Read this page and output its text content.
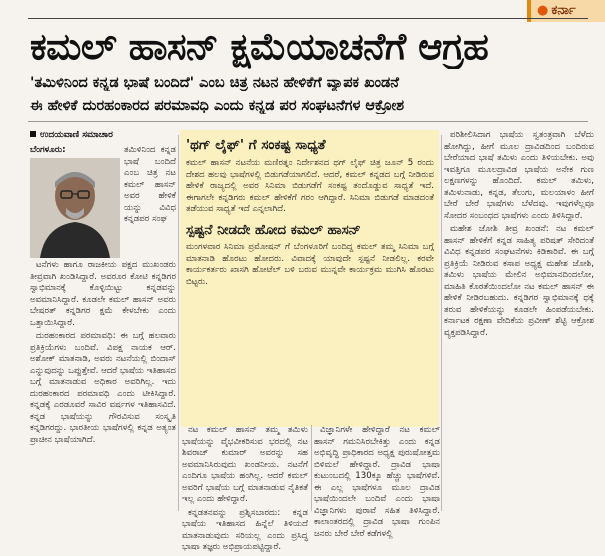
● ಕರ್ನಾ
ಕಮಲ್ ಹಾಸನ್ ಕ್ಷಮೆಯಾಚನೆಗೆ ಆಗ್ರಹ
'ತಮಿಳಿನಿಂದ ಕನ್ನಡ ಭಾಷೆ ಬಂದಿದೆ' ಎಂಬ ಚಿತ್ರ ನಟನ ಹೇಳಿಕೆಗೆ ವ್ಯಾಪಕ ಖಂಡನೆ
ಈ ಹೇಳಿಕೆ ದುರಹಂಕಾರದ ಪರಮಾವಧಿ ಎಂದು ಕನ್ನಡ ಪರ ಸಂಘಟನೆಗಳ ಆಕ್ರೋಶ
ಉದಯವಾಣಿ ಸಮಾಚಾರ
ಬೆಂಗಳೂರು:	ತಮಿಳಿನಿಂದ ಕನ್ನಡ ಭಾಷೆ ಬಂದಿದೆ ಎಂಬ ಚಿತ್ರ ನಟ ಕಮಲ್ ಹಾಸನ್ ಅವರ ಹೇಳಿಕೆ ಯನ್ನು ವಿವಿಧ ಕನ್ನಡಪರ ಸಂಘ

ಟನೆಗಳು ಹಾಗೂ ರಾಜಕೀಯ ಪಕ್ಷದ ಮುಖಂಡರು ತೀವ್ರವಾಗಿ ಖಂಡಿಸಿದ್ದಾರೆ. ಅವರೂರ ಕೋಟಿ ಕನ್ನಡಿಗರ ಸ್ವಾಭಿಮಾನಕ್ಕೆ ಕೊಳ್ಳಿಯಿಟ್ಟು ಕನ್ನಡವನ್ನು ಅವಮಾನಿಸಿದ್ದಾರೆ. ಕೂಡಲೇ ಕಮಲ್ ಹಾಸನ್ ಅವರು ಬೇಷರತ್ ಕನ್ನಡಿಗರ ಕ್ಷಮೆ ಕೇಳಬೇಕು ಎಂದು ಒತ್ತಾಯಿಸಿದ್ದಾರೆ.

ದುರಹಂಕಾರದ ಪರಮಾವಧಿ: ಈ ಬಗ್ಗೆ ಹಲವಾರು ಪ್ರತಿಕ್ರಿಯೆಗಳು ಬಂದಿವೆ. ವಿಪಕ್ಷ ನಾಯಕ ಆರ್. ಅಶೋಕ್ ಮಾತನಾಡಿ, ಅವರು ನಟನೆಯಲ್ಲಿ ಬಿಂದಾಸ್ ಎನ್ನುವುದನ್ನು ಒಪ್ಪುತ್ತೇವೆ. ಆದರೆ ಭಾಷೆಯ ಇತಿಹಾಸದ ಬಗ್ಗೆ ಮಾತನಾಡುವ ಅಧಿಕಾರ ಅವರಿಗಿಲ್ಲ. ಇದು ದುರಹಂಕಾರದ ಪರಮಾವಧಿ ಎಂದು ಟೀಕಿಸಿದ್ದಾರೆ. ಕನ್ನಡಕ್ಕೆ ಎರಡೂವರೆ ಸಾವಿರ ವರ್ಷಗಳ ಇತಿಹಾಸವಿದೆ. ಕನ್ನಡ ಭಾಷೆಯನ್ನು ಗೌರವಿಸುವ ಸಂಸ್ಕೃತಿ ಕನ್ನಡಿಗರದ್ದು. ಭಾರತೀಯ ಭಾಷೆಗಳಲ್ಲಿ ಕನ್ನಡ ಅತ್ಯಂತ ಪ್ರಾಚೀನ ಭಾಷೆಯಾಗಿದೆ.

'ಥಗ್ ಲೈಫ್' ಗೆ ಸಂಕಷ್ಟ ಸಾಧ್ಯತೆ

ಕಮಲ್ ಹಾಸನ್ ನಟನೆಯ ಮಣಿರತ್ನಂ ನಿರ್ದೇಶನದ ಥಗ್ ಲೈಫ್ ಚಿತ್ರ ಜೂನ್ 5 ರಂದು ದೇಶದ ಹಲವು ಭಾಷೆಗಳಲ್ಲಿ ಬಿಡುಗಡೆಯಾಗಲಿದೆ. ಆದರೆ, ಕಮಲ್ ಕನ್ನಡದ ಬಗ್ಗೆ ನೀಡಿರುವ ಹೇಳಿಕೆ ರಾಜ್ಯದಲ್ಲಿ ಅವರ ಸಿನಿಮಾ ಬಿಡುಗಡೆಗೆ ಸಂಕಷ್ಟ ತಂದೊಡ್ಡುವ ಸಾಧ್ಯತೆ ಇದೆ. ಈಗಾಗಲೇ ಕನ್ನಡಿಗರು ಕಮಲ್ ಹೇಳಿಕೆಗೆ ಗರಂ ಆಗಿದ್ದಾರೆ. ಸಿನಿಮಾ ಬಿಡುಗಡೆ ಮಾಡದಂತೆ ತಡೆಯುವ ಸಾಧ್ಯತೆ ಇದೆ ಎನ್ನಲಾಗಿದೆ.

ಸ್ಪಷ್ಟನೆ ನೀಡದೇ ಹೋದ ಕಮಲ್ ಹಾಸನ್

ಮಂಗಳವಾರ ಸಿನಿಮಾ ಪ್ರಮೋಷನ್ ಗೆ ಬೆಂಗಳೂರಿಗೆ ಬಂದಿದ್ದ ಕಮಲ್ ತಮ್ಮ ಸಿನಿಮಾ ಬಗ್ಗೆ ಮಾತನಾಡಿ ಹೊರಟು ಹೋದರು. ವಿವಾದಕ್ಕೆ ಯಾವುದೇ ಸ್ಪಷ್ಟನೆ ನೀಡಲಿಲ್ಲ. ಕರವೇ ಕಾರ್ಯಕರ್ತರು ಖಾಸಗಿ ಹೋಟೆಲ್ ಬಳಿ ಬರುವ ಮುನ್ನವೇ ಕಾರ್ಯಕ್ರಮ ಮುಗಿಸಿ ಹೊರಟು ಬಿಟ್ಟರು.

ನಟ ಕಮಲ್ ಹಾಸನ್ ತಮ್ಮ ತಮಿಳು ಭಾಷೆಯನ್ನು ವೈಭವೀಕರಿಸುವ ಭರದಲ್ಲಿ ನಟ ಶಿವರಾಜ್ ಕುಮಾರ್ ಅವರನ್ನು ಸಹ ಅವಮಾನಿಸಿರುವುದು ಖಂಡನೀಯ. ನಟನೆಗೆ ಎಂದಿಗೂ ಭಾಷೆಯ ಹಂಗಿಲ್ಲ. ಆದರೆ ಕಮಲ್ ಅವರಿಗೆ ಭಾಷೆಯ ಬಗ್ಗೆ ಮಾತನಾಡುವ ನೈತಿಕತೆ ಇಲ್ಲ ಎಂದು ಹೇಳಿದ್ದಾರೆ.

ಕನ್ನಡತನವನ್ನು ಪ್ರಶ್ನಿಸಬಾರದು: ಕನ್ನಡ ಭಾಷೆಯ ಇತಿಹಾಸದ ಹಿನ್ನೆಲೆ ತಿಳಿಯದೆ ಮಾತನಾಡುವುದು ಸರಿಯಲ್ಲ ಎಂದು ಪ್ರಸಿದ್ಧ ಭಾಷಾ ತಜ್ಞರು ಅಭಿಪ್ರಾಯಪಟ್ಟಿದ್ದಾರೆ.

ವಿಜ್ಞಾನಿಗಳೇ ಹೇಳಿದ್ದಾರೆ ನಟ ಕಮಲ್ ಹಾಸನ್ ಗಮನಿಸಿರಬೇಕಿತ್ತು ಎಂದು ಕನ್ನಡ ಅಭಿವೃದ್ಧಿ ಪ್ರಾಧಿಕಾರದ ಅಧ್ಯಕ್ಷ ಪುರುಷೋತ್ತಮ ಬಿಳಿಮಲೆ ಹೇಳಿದ್ದಾರೆ. ದ್ರಾವಿಡ ಭಾಷಾ ಕುಟುಂಬದಲ್ಲಿ 130ಕ್ಕೂ ಹೆಚ್ಚು ಭಾಷೆಗಳಿವೆ. ಈ ಎಲ್ಲ ಭಾಷೆಗಳೂ ಮೂಲ ದ್ರಾವಿಡ ಭಾಷೆಯಿಂದಲೇ ಬಂದಿವೆ ಎಂದು ಭಾಷಾ ವಿಜ್ಞಾನಿಗಳು ಪುರಾವೆ ಸಹಿತ ತಿಳಿಸಿದ್ದಾರೆ. ಕಾಲಾಂತರದಲ್ಲಿ ದ್ರಾವಿಡ ಭಾಷಾ ಗುಂಪಿನ ಜನರು ಬೇರೆ ಬೇರೆ ಕಡೆಗಳಲ್ಲಿ

ಪರಿಶೀಲಿಸಿದಾಗ ಭಾಷೆಯ ಸ್ವತಂತ್ರವಾಗಿ ಬೆಳೆದು ಹೋಗಿದ್ದು, ಹೀಗೆ ಮೂಲ ದ್ರಾವಿಡದಿಂದ ಬಂದಿರುವ ಬೇರೆಯಾದ ಭಾಷೆ ತಮಿಳು ಎಂದು ತಿಳಿಯಬೇಕು. ಅವು ಇವತ್ತಿಗೂ ಮೂಲದ್ರಾವಿಡ ಭಾಷೆಯ ಅನೇಕ ಗುಣ ಲಕ್ಷಣಗಳನ್ನು ಹೊಂದಿದೆ. ಕಮಲ್ ತಮಿಳು, ತಮಿಳುನಾಡು, ಕನ್ನಡ, ತೆಲುಗು, ಮಲಯಾಳಂ ಹೀಗೆ ಬೇರೆ ಬೇರೆ ಭಾಷೆಗಳು ಬೆಳೆದವು. ಇವುಗಳೆಲ್ಲವೂ ಸೋದರ ಸಂಬಂಧದ ಭಾಷೆಗಳು ಎಂದು ತಿಳಿಸಿದ್ದಾರೆ.

ಮಹೇಶ ಜೋಶಿ ತೀವ್ರ ಖಂಡನೆ: ನಟ ಕಮಲ್ ಹಾಸನ್ ಹೇಳಿಕೆಗೆ ಕನ್ನಡ ಸಾಹಿತ್ಯ ಪರಿಷತ್ ಸೇರಿದಂತೆ ವಿವಿಧ ಕನ್ನಡಪರ ಸಂಘಟನೆಗಳು ಕಿಡಿಕಾರಿವೆ. ಈ ಬಗ್ಗೆ ಪ್ರತಿಕ್ರಿಯೆ ನೀಡಿರುವ ಕಸಾಪ ಅಧ್ಯಕ್ಷ ಮಹೇಶ ಜೋಶಿ, ತಮಿಳು ಭಾಷೆಯ ಮೇಲಿನ ಅಭಿಮಾನದಿಂದಲೋ, ಮಾಹಿತಿ ಕೊರತೆಯಿಂದಲೋ ನಟ ಕಮಲ್ ಹಾಸನ್ ಈ ಹೇಳಿಕೆ ನೀಡಿರಬಹುದು. ಕನ್ನಡಿಗರ ಸ್ವಾಭಿಮಾನಕ್ಕೆ ಧಕ್ಕೆ ತರುವ ಹೇಳಿಕೆಯನ್ನು ಕೂಡಲೇ ಹಿಂಪಡೆಯಬೇಕು. ಕರ್ನಾಟಕ ರಕ್ಷಣಾ ವೇದಿಕೆಯ ಪ್ರವೀಣ್ ಶೆಟ್ಟಿ ಆಕ್ರೋಶ ವ್ಯಕ್ತಪಡಿಸಿದ್ದಾರೆ.
